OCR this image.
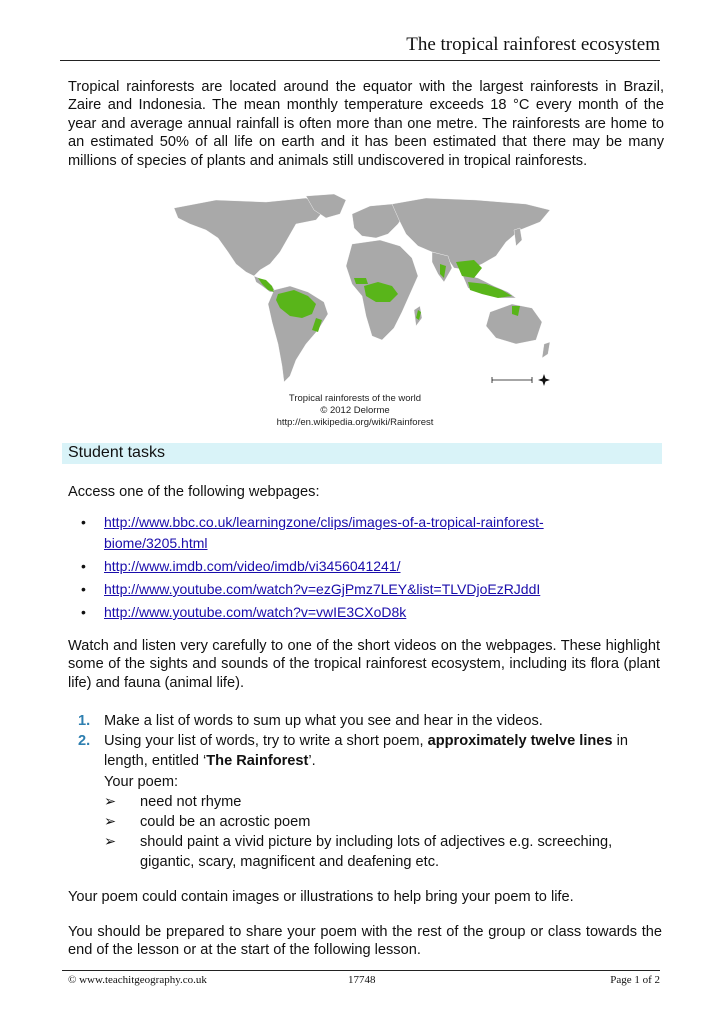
The tropical rainforest ecosystem

Tropical rainforests are located around the equator with the largest rainforests in Brazil, Zaire and Indonesia. The mean monthly temperature exceeds 18 °C every month of the year and average annual rainfall is often more than one metre. The rainforests are home to an estimated 50% of all life on earth and it has been estimated that there may be many millions of species of plants and animals still undiscovered in tropical rainforests.

Tropical rainforests of the world
© 2012 Delorme
http://en.wikipedia.org/wiki/Rainforest
Student tasks

Access one of the following webpages:

• http://www.bbc.co.uk/learningzone/clips/images-of-a-tropical-rainforest-
biome/3205.html
• http://www.imdb.com/video/imdb/vi3456041241/
• http://www.youtube.com/watch?v=ezGjPmz7LEY&list=TLVDjoEzRJddI
• http://www.youtube.com/watch?v=vwIE3CXoD8k

Watch and listen very carefully to one of the short videos on the webpages. These highlight some of the sights and sounds of the tropical rainforest ecosystem, including its flora (plant life) and fauna (animal life).

1. Make a list of words to sum up what you see and hear in the videos.
2. Using your list of words, try to write a short poem, approximately twelve lines in length, entitled ‘The Rainforest’.
Your poem:
➢ need not rhyme
➢ could be an acrostic poem
➢ should paint a vivid picture by including lots of adjectives e.g. screeching, gigantic, scary, magnificent and deafening etc.

Your poem could contain images or illustrations to help bring your poem to life.

You should be prepared to share your poem with the rest of the group or class towards the end of the lesson or at the start of the following lesson.

© www.teachitgeography.co.uk	17748	Page 1 of 2
